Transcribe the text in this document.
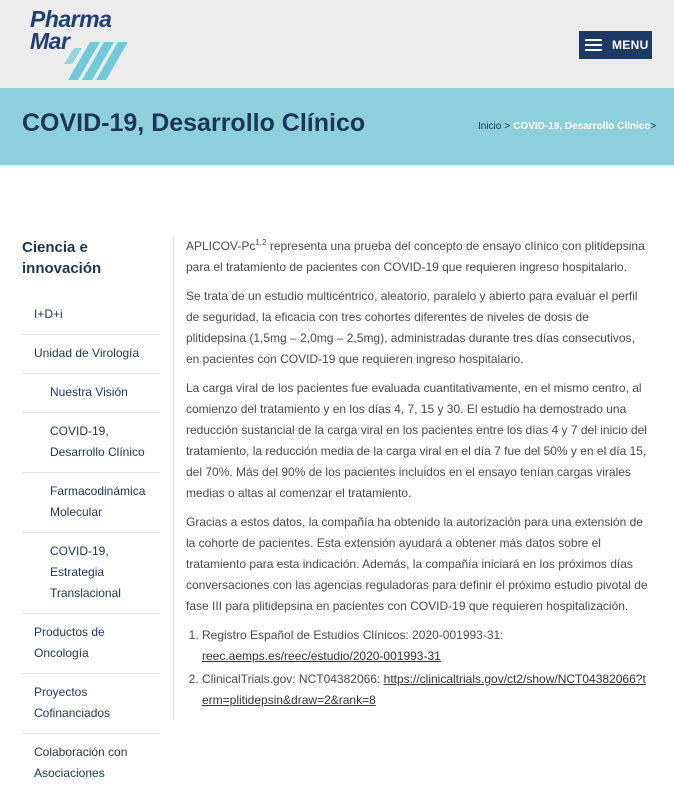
Pharma
Mar	MENU
COVID-19, Desarrollo Clínico	Inicio > COVID-19, Desarrollo Clínico>
Ciencia e innovación
I+D+i
Unidad de Virología
Nuestra Visión
COVID-19, Desarrollo Clínico
Farmacodinámica Molecular
COVID-19, Estrategia Translacional
Productos de Oncología
Proyectos Cofinanciados
Colaboración con Asociaciones

APLICOV-Pc$^{1,2}$ representa una prueba del concepto de ensayo clínico con plitidepsina para el tratamiento de pacientes con COVID-19 que requieren ingreso hospitalario.

Se trata de un estudio multicéntrico, aleatorio, paralelo y abierto para evaluar el perfil de seguridad, la eficacia con tres cohortes diferentes de niveles de dosis de plitidepsina (1,5mg – 2,0mg – 2,5mg), administradas durante tres días consecutivos, en pacientes con COVID-19 que requieren ingreso hospitalario.

La carga viral de los pacientes fue evaluada cuantitativamente, en el mismo centro, al comienzo del tratamiento y en los días 4, 7, 15 y 30. El estudio ha demostrado una reducción sustancial de la carga viral en los pacientes entre los días 4 y 7 del inicio del tratamiento, la reducción media de la carga viral en el día 7 fue del 50% y en el día 15, del 70%. Más del 90% de los pacientes incluidos en el ensayo tenían cargas virales medias o altas al comenzar el tratamiento.

Gracias a estos datos, la compañía ha obtenido la autorización para una extensión de la cohorte de pacientes. Esta extensión ayudará a obtener más datos sobre el tratamiento para esta indicación. Además, la compañía iniciará en los próximos días conversaciones con las agencias reguladoras para definir el próximo estudio pivotal de fase III para plitidepsina en pacientes con COVID-19 que requieren hospitalización.

1. Registro Español de Estudios Clínicos: 2020-001993-31: reec.aemps.es/reec/estudio/2020-001993-31
2. ClinicalTrials.gov: NCT04382066: https://clinicaltrials.gov/ct2/show/NCT04382066?term=plitidepsin&draw=2&rank=8
